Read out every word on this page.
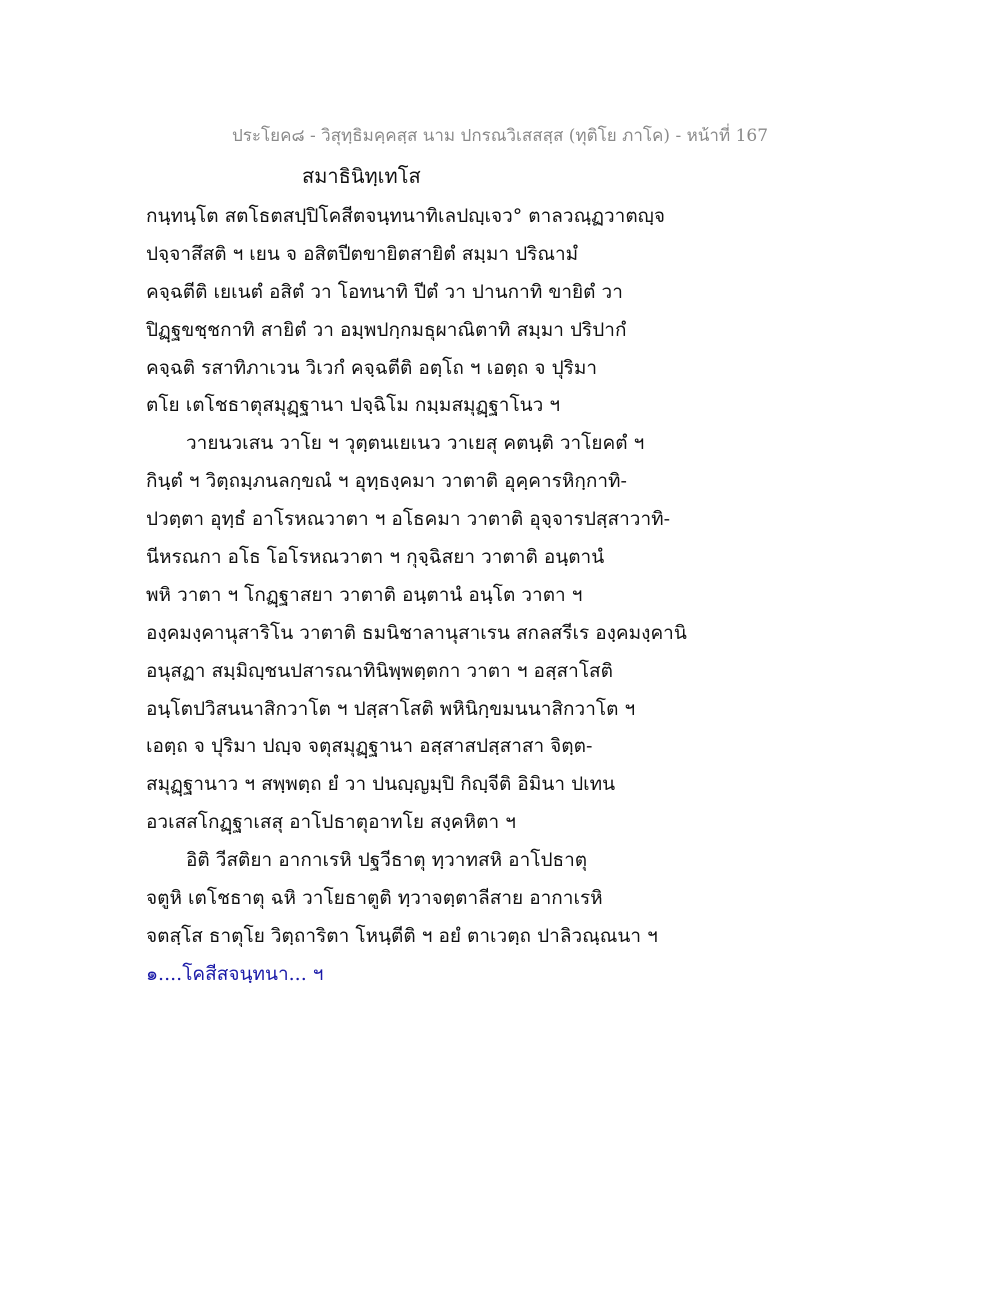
ประโยค๘ - วิสุทฺธิมคฺคสฺส นาม ปกรณวิเสสสฺส (ทุติโย ภาโค) - หน้าที่ 167
สมาธินิทฺเทโส
กนฺทนฺโต สตโธตสปฺปิโคสีตจนฺทนาทิเลปญฺเจว° ตาลวณฺฏวาตญฺจ
ปจฺจาสึสติ ฯ เยน จ อสิตปีตขายิตสายิตํ สมฺมา ปริณามํ
คจฺฉตีติ เยเนตํ อสิตํ วา โอทนาทิ ปีตํ วา ปานกาทิ ขายิตํ วา
ปิฏฺฐขชฺชกาทิ สายิตํ วา อมฺพปกฺกมธุผาณิตาทิ สมฺมา ปริปากํ
คจฺฉติ รสาทิภาเวน วิเวกํ คจฺฉตีติ อตฺโถ ฯ เอตฺถ จ ปุริมา
ตโย เตโชธาตุสมุฏฺฐานา ปจฺฉิโม กมฺมสมุฏฺฐาโนว ฯ
วายนวเสน วาโย ฯ วุตฺตนเยเนว วาเยสุ คตนฺติ วาโยคตํ ฯ
กินฺตํ ฯ วิตฺถมฺภนลกฺขณํ ฯ อุทฺธงฺคมา วาตาติ อุคฺคารหิกฺกาทิ-
ปวตฺตา อุทฺธํ อาโรหณวาตา ฯ อโธคมา วาตาติ อุจฺจารปสฺสาวาทิ-
นีหรณกา อโธ โอโรหณวาตา ฯ กุจฺฉิสยา วาตาติ อนฺตานํ
พหิ วาตา ฯ โกฏฺฐาสยา วาตาติ อนฺตานํ อนฺโต วาตา ฯ
องฺคมงฺคานุสาริโน วาตาติ ธมนิชาลานุสาเรน สกลสรีเร องฺคมงฺคานิ
อนุสฏา สมฺมิญฺชนปสารณาทินิพฺพตฺตกา วาตา ฯ อสฺสาโสติ
อนฺโตปวิสนนาสิกวาโต ฯ ปสฺสาโสติ พหินิกฺขมนนาสิกวาโต ฯ
เอตฺถ จ ปุริมา ปญฺจ จตุสมุฏฺฐานา อสฺสาสปสฺสาสา จิตฺต-
สมุฏฺฐานาว ฯ สพฺพตฺถ ยํ วา ปนญฺญมฺปิ กิญฺจีติ อิมินา ปเทน
อวเสสโกฏฺฐาเสสุ อาโปธาตุอาทโย สงฺคหิตา ฯ
อิติ วีสติยา อากาเรหิ ปฐวีธาตุ ทฺวาทสหิ อาโปธาตุ
จตูหิ เตโชธาตุ ฉหิ วาโยธาตูติ ทฺวาจตฺตาลีสาย อากาเรหิ
จตสฺโส ธาตุโย วิตฺถาริตา โหนฺตีติ ฯ อยํ ตาเวตฺถ ปาลิวณฺณนา ฯ
๑....โคสีสจนฺทนา... ฯ
